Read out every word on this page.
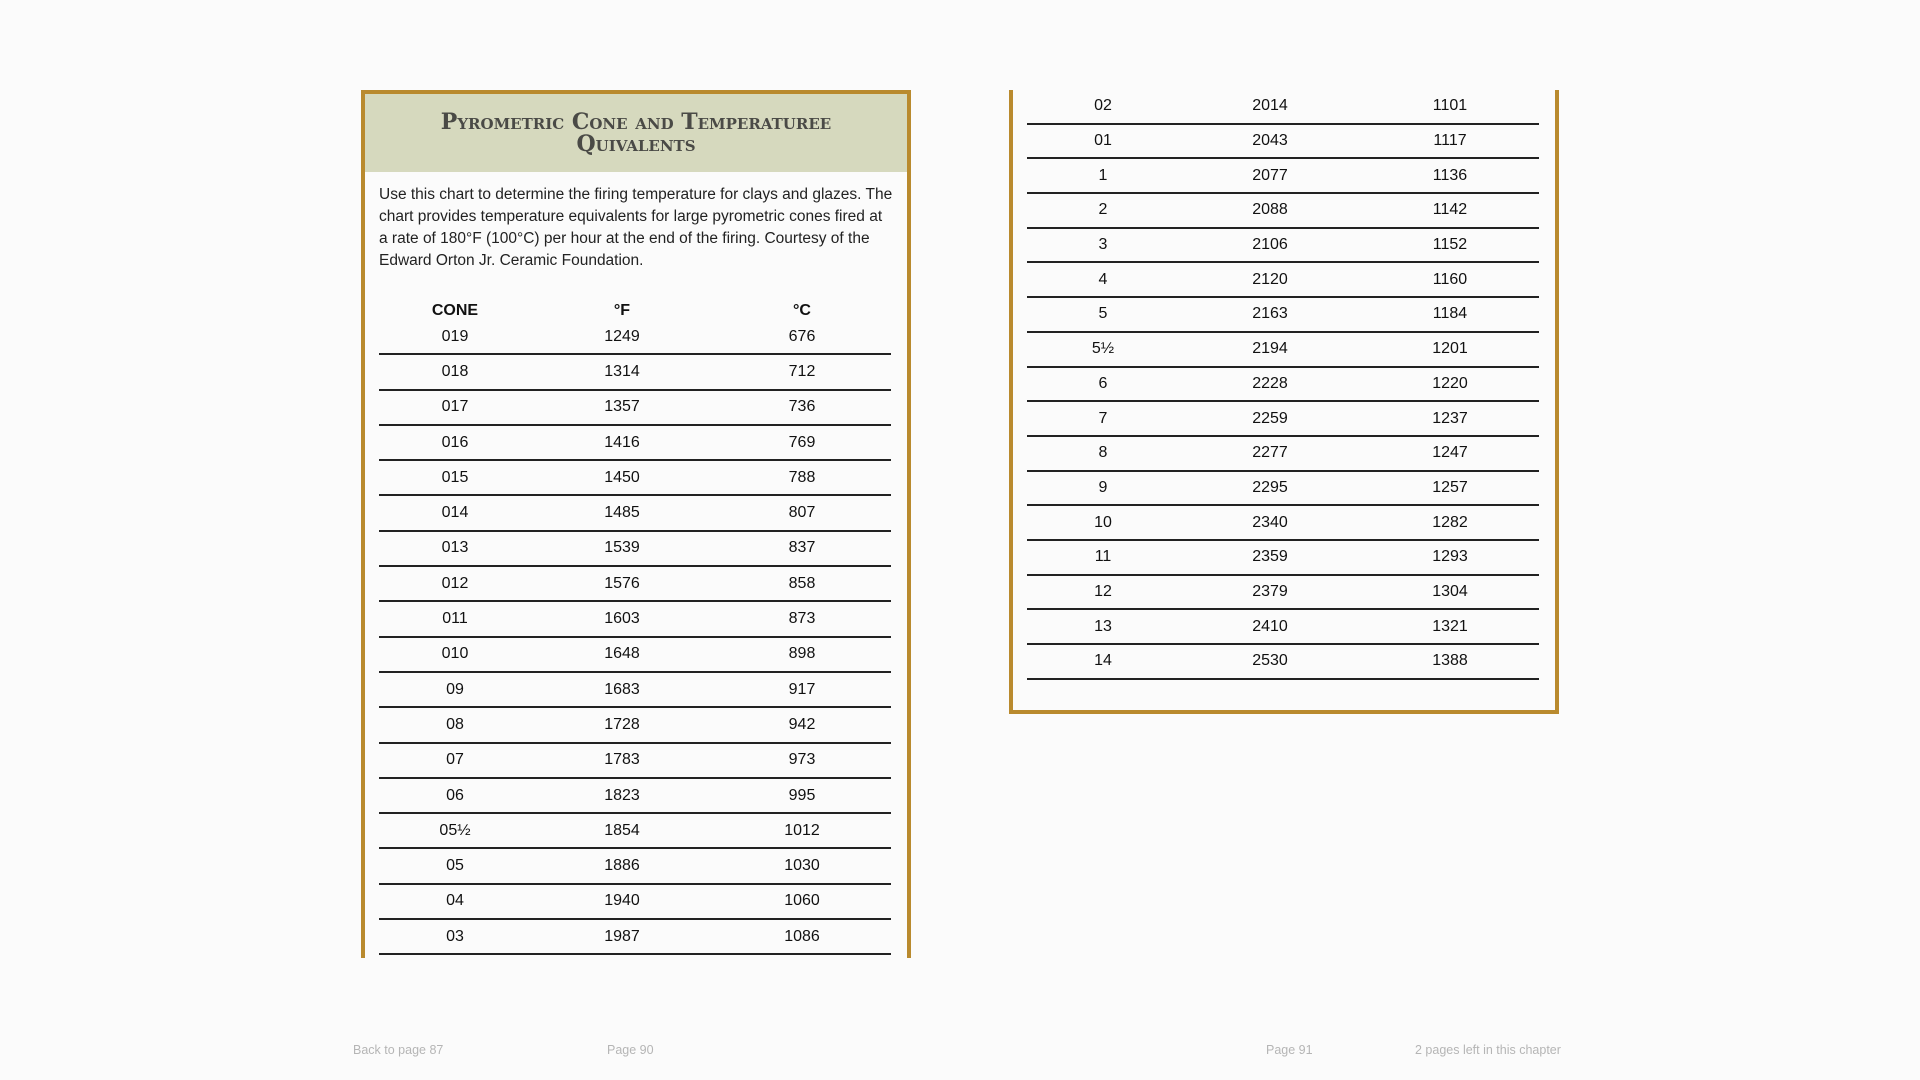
Pyrometric Cone and Temperaturee Quivalents

Use this chart to determine the firing temperature for clays and glazes. The chart provides temperature equivalents for large pyrometric cones fired at a rate of 180°F (100°C) per hour at the end of the firing. Courtesy of the Edward Orton Jr. Ceramic Foundation.

CONE	°F	°C
019	1249	676
018	1314	712
017	1357	736
016	1416	769
015	1450	788
014	1485	807
013	1539	837
012	1576	858
011	1603	873
010	1648	898
09	1683	917
08	1728	942
07	1783	973
06	1823	995
05½	1854	1012
05	1886	1030
04	1940	1060
03	1987	1086
02	2014	1101
01	2043	1117
1	2077	1136
2	2088	1142
3	2106	1152
4	2120	1160
5	2163	1184
5½	2194	1201
6	2228	1220
7	2259	1237
8	2277	1247
9	2295	1257
10	2340	1282
11	2359	1293
12	2379	1304
13	2410	1321
14	2530	1388
Back to page 87	Page 90	Page 91	2 pages left in this chapter
